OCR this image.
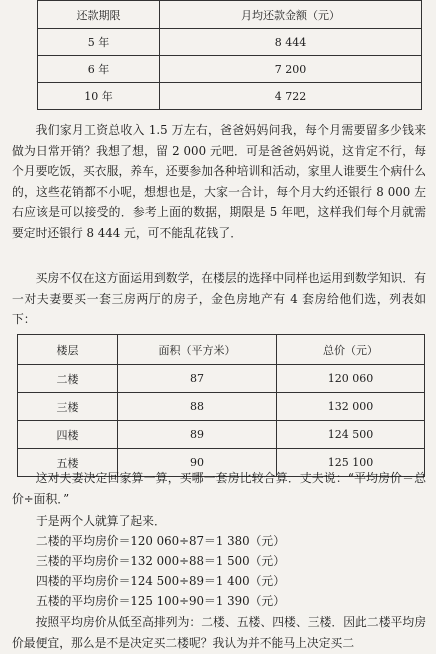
还款期限	月均还款金额（元）
5 年	8 444
6 年	7 200
10 年	4 722

我们家月工资总收入 1.5 万左右，爸爸妈妈问我，每个月需要留多少钱来做为日常开销？我想了想，留 2 000 元吧．可是爸爸妈妈说，这肯定不行，每个月要吃饭，买衣服，养车，还要参加各种培训和活动，家里人谁要生个病什么的，这些花销都不小呢，想想也是，大家一合计，每个月大约还银行 8 000 左右应该是可以接受的．参考上面的数据，期限是 5 年吧，这样我们每个月就需要定时还银行 8 444 元，可不能乱花钱了．

买房不仅在这方面运用到数学，在楼层的选择中同样也运用到数学知识．有一对夫妻要买一套三房两厅的房子，金色房地产有 4 套房给他们选，列表如下：

楼层	面积（平方米）	总价（元）
二楼	87	120 060
三楼	88	132 000
四楼	89	124 500
五楼	90	125 100

这对夫妻决定回家算一算，买哪一套房比较合算．丈夫说：“平均房价＝总价÷面积．”

于是两个人就算了起来．

二楼的平均房价＝120 060÷87＝1 380（元）

三楼的平均房价＝132 000÷88＝1 500（元）

四楼的平均房价＝124 500÷89＝1 400（元）

五楼的平均房价＝125 100÷90＝1 390（元）

按照平均房价从低至高排列为：二楼、五楼、四楼、三楼．因此二楼平均房价最便宜，那么是不是决定买二楼呢？我认为并不能马上决定买二
